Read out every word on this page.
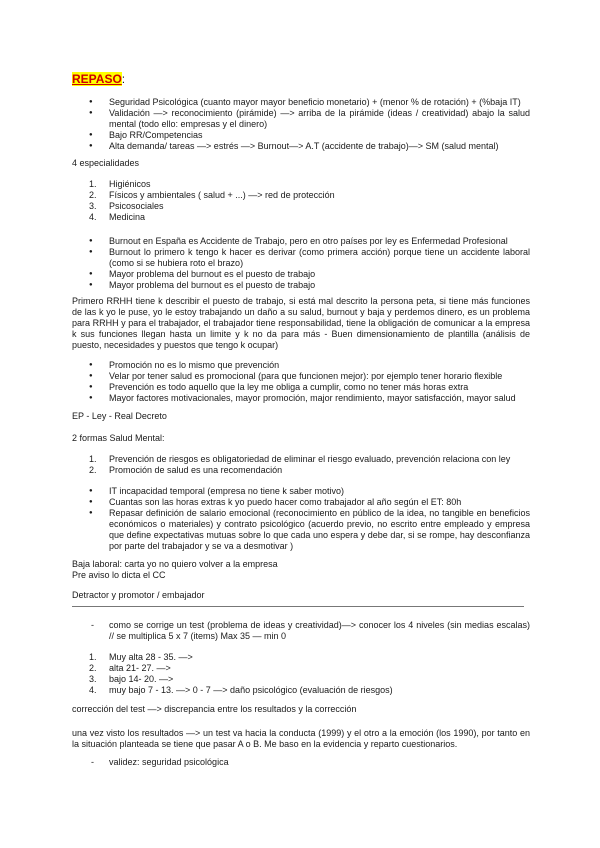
REPASO:
● Seguridad Psicológica (cuanto mayor mayor beneficio monetario) + (menor % de rotación) + (%baja IT)
● Validación —> reconocimiento (pirámide) —> arriba de la pirámide (ideas / creatividad) abajo la salud mental (todo ello: empresas y el dinero)
● Bajo RR/Competencias
● Alta demanda/ tareas —> estrés —> Burnout—> A.T (accidente de trabajo)—> SM (salud mental)
4 especialidades
1. Higiénicos
2. Físicos y ambientales ( salud + ...) —> red de protección
3. Psicosociales
4. Medicina
● Burnout en España es Accidente de Trabajo, pero en otro países por ley es Enfermedad Profesional
● Burnout lo primero k tengo k hacer es derivar (como primera acción) porque tiene un accidente laboral (como si se hubiera roto el brazo)
● Mayor problema del burnout es el puesto de trabajo
● Mayor problema del burnout es el puesto de trabajo

Primero RRHH tiene k describir el puesto de trabajo, si está mal descrito la persona peta, si tiene más funciones de las k yo le puse, yo le estoy trabajando un daño a su salud, burnout y baja y perdemos dinero, es un problema para RRHH y para el trabajador, el trabajador tiene responsabilidad, tiene la obligación de comunicar a la empresa k sus funciones llegan hasta un limite y k no da para más - Buen dimensionamiento de plantilla (análisis de puesto, necesidades y puestos que tengo k ocupar)

● Promoción no es lo mismo que prevención
● Velar por tener salud es promocional (para que funcionen mejor): por ejemplo tener horario flexible
● Prevención es todo aquello que la ley me obliga a cumplir, como no tener más horas extra
● Mayor factores motivacionales, mayor promoción, major rendimiento, mayor satisfacción, mayor salud
EP - Ley - Real Decreto
2 formas Salud Mental:
1. Prevención de riesgos es obligatoriedad de eliminar el riesgo evaluado, prevención relaciona con ley
2. Promoción de salud es una recomendación
● IT incapacidad temporal (empresa no tiene k saber motivo)
● Cuantas son las horas extras k yo puedo hacer como trabajador al año según el ET: 80h
● Repasar definición de salario emocional (reconocimiento en público de la idea, no tangible en beneficios económicos o materiales) y contrato psicológico (acuerdo previo, no escrito entre empleado y empresa que define expectativas mutuas sobre lo que cada uno espera y debe dar, si se rompe, hay desconfianza por parte del trabajador y se va a desmotivar )
Baja laboral: carta yo no quiero volver a la empresa
Pre aviso lo dicta el CC
Detractor y promotor / embajador
- como se corrige un test (problema de ideas y creatividad)—> conocer los 4 niveles (sin medias escalas) // se multiplica 5 x 7 (items) Max 35 — min 0
1. Muy alta 28 - 35. —>
2. alta 21- 27. —>
3. bajo 14- 20. —>
4. muy bajo 7 - 13. —> 0 - 7 —> daño psicológico (evaluación de riesgos)
corrección del test —> discrepancia entre los resultados y la corrección

una vez visto los resultados —> un test va hacia la conducta (1999) y el otro a la emoción (los 1990), por tanto en la situación planteada se tiene que pasar A o B. Me baso en la evidencia y reparto cuestionarios.

- validez: seguridad psicológica
